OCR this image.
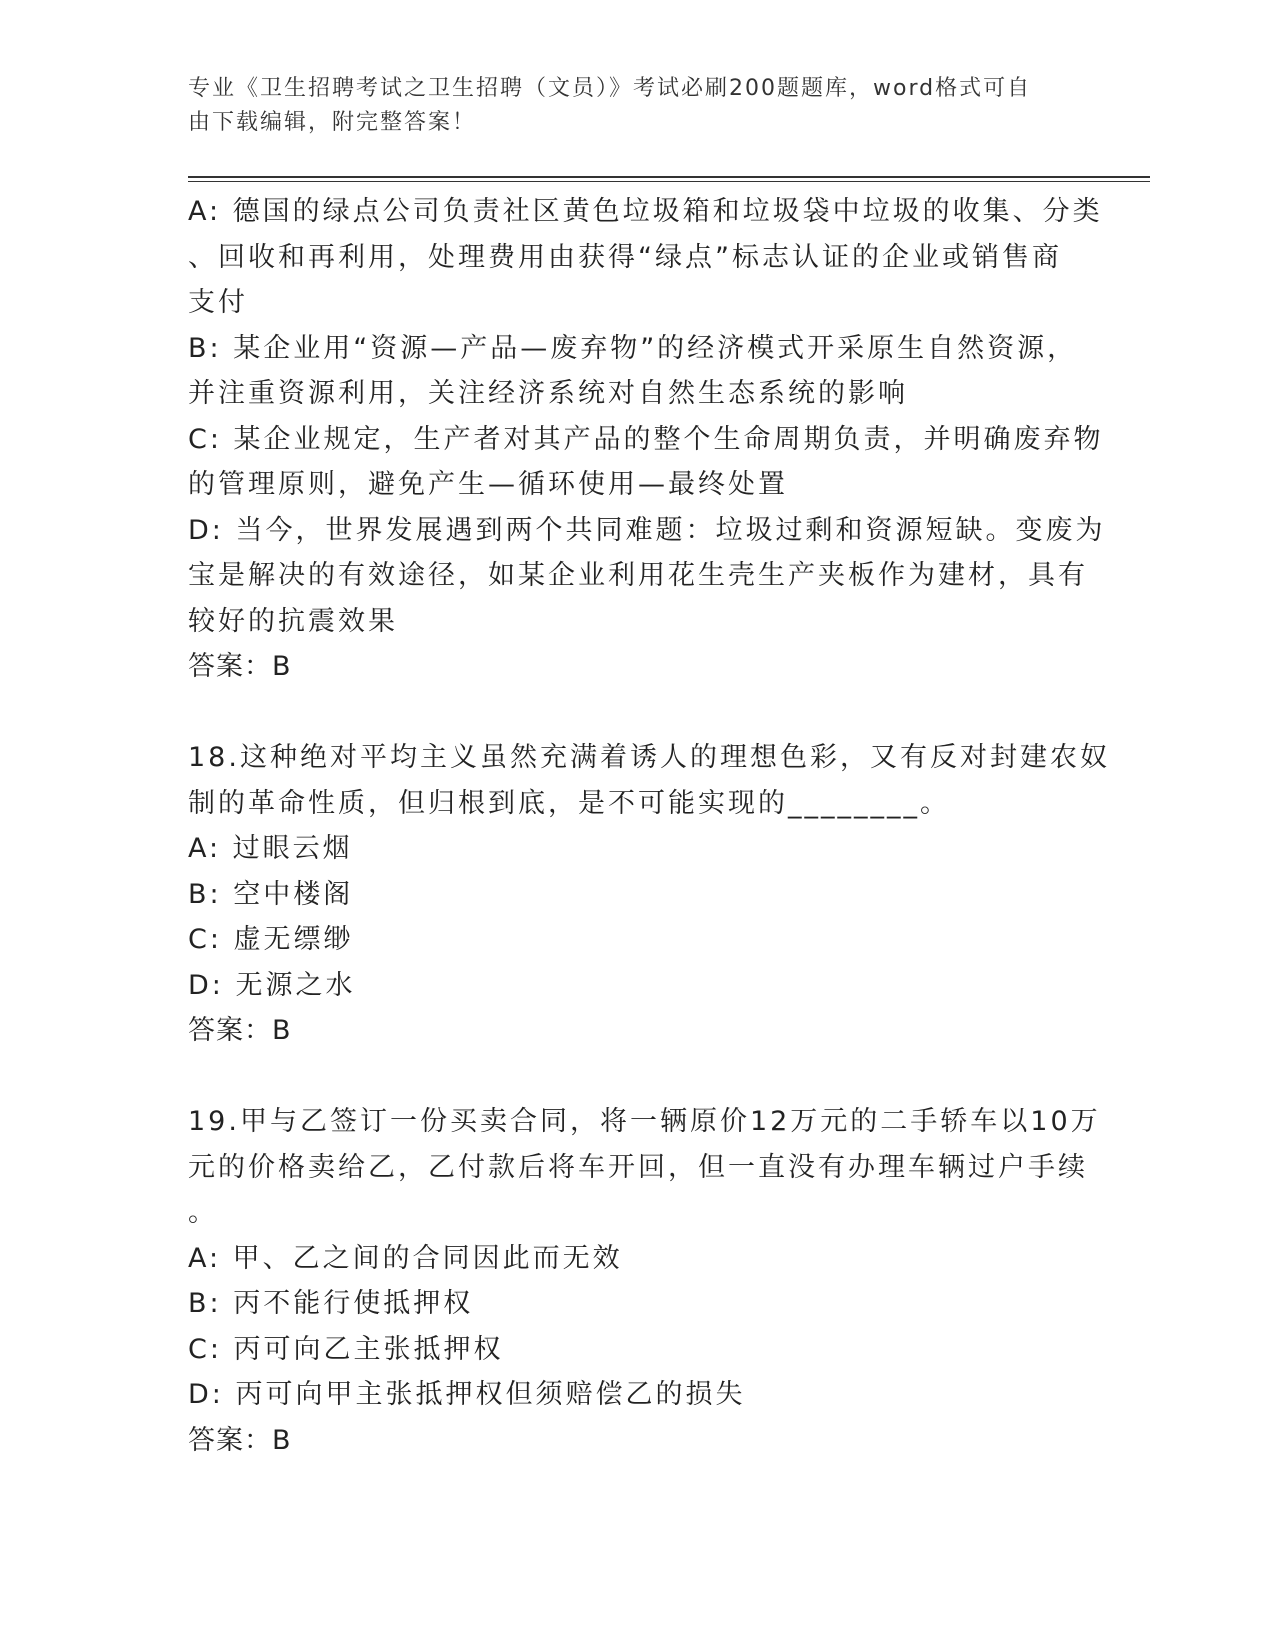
专业《卫生招聘考试之卫生招聘（文员）》考试必刷200题题库，word格式可自
由下载编辑，附完整答案！
A: 德国的绿点公司负责社区黄色垃圾箱和垃圾袋中垃圾的收集、分类
、回收和再利用，处理费用由获得“绿点”标志认证的企业或销售商
支付
B: 某企业用“资源—产品—废弃物”的经济模式开采原生自然资源，
并注重资源利用，关注经济系统对自然生态系统的影响
C: 某企业规定，生产者对其产品的整个生命周期负责，并明确废弃物
的管理原则，避免产生—循环使用—最终处置
D: 当今，世界发展遇到两个共同难题：垃圾过剩和资源短缺。变废为
宝是解决的有效途径，如某企业利用花生壳生产夹板作为建材，具有
较好的抗震效果
答案：B
18.这种绝对平均主义虽然充满着诱人的理想色彩，又有反对封建农奴
制的革命性质，但归根到底，是不可能实现的________。
A: 过眼云烟
B: 空中楼阁
C: 虚无缥缈
D: 无源之水
答案：B
19.甲与乙签订一份买卖合同，将一辆原价12万元的二手轿车以10万
元的价格卖给乙，乙付款后将车开回，但一直没有办理车辆过户手续
。
A: 甲、乙之间的合同因此而无效
B: 丙不能行使抵押权
C: 丙可向乙主张抵押权
D: 丙可向甲主张抵押权但须赔偿乙的损失
答案：B
